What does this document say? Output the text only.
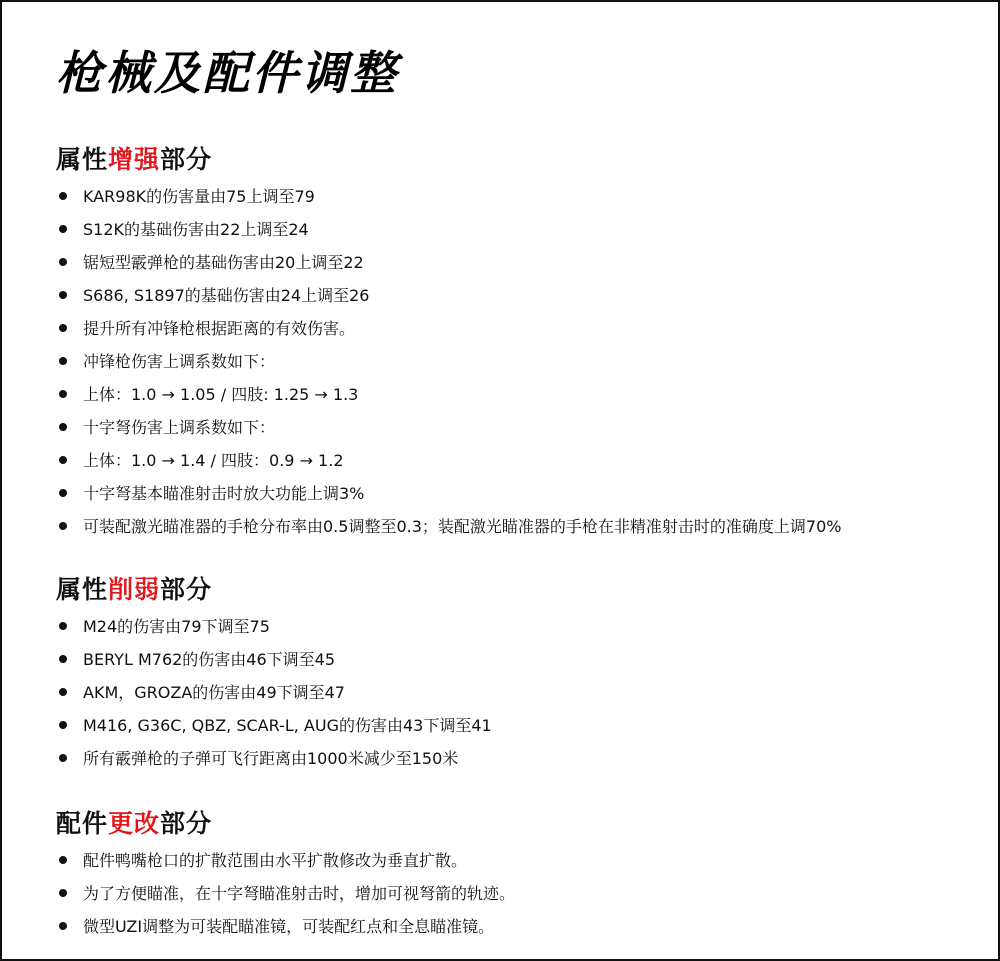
枪械及配件调整
属性增强部分
KAR98K的伤害量由75上调至79
S12K的基础伤害由22上调至24
锯短型霰弹枪的基础伤害由20上调至22
S686, S1897的基础伤害由24上调至26
提升所有冲锋枪根据距离的有效伤害。
冲锋枪伤害上调系数如下：
上体：1.0 → 1.05 / 四肢: 1.25 → 1.3
十字弩伤害上调系数如下：
上体：1.0 → 1.4 / 四肢：0.9 → 1.2
十字弩基本瞄准射击时放大功能上调3%
可装配激光瞄准器的手枪分布率由0.5调整至0.3；装配激光瞄准器的手枪在非精准射击时的准确度上调70%
属性削弱部分
M24的伤害由79下调至75
BERYL M762的伤害由46下调至45
AKM，GROZA的伤害由49下调至47
M416, G36C, QBZ, SCAR-L, AUG的伤害由43下调至41
所有霰弹枪的子弹可飞行距离由1000米减少至150米
配件更改部分
配件鸭嘴枪口的扩散范围由水平扩散修改为垂直扩散。
为了方便瞄准，在十字弩瞄准射击时，增加可视弩箭的轨迹。
微型UZI调整为可装配瞄准镜，可装配红点和全息瞄准镜。
